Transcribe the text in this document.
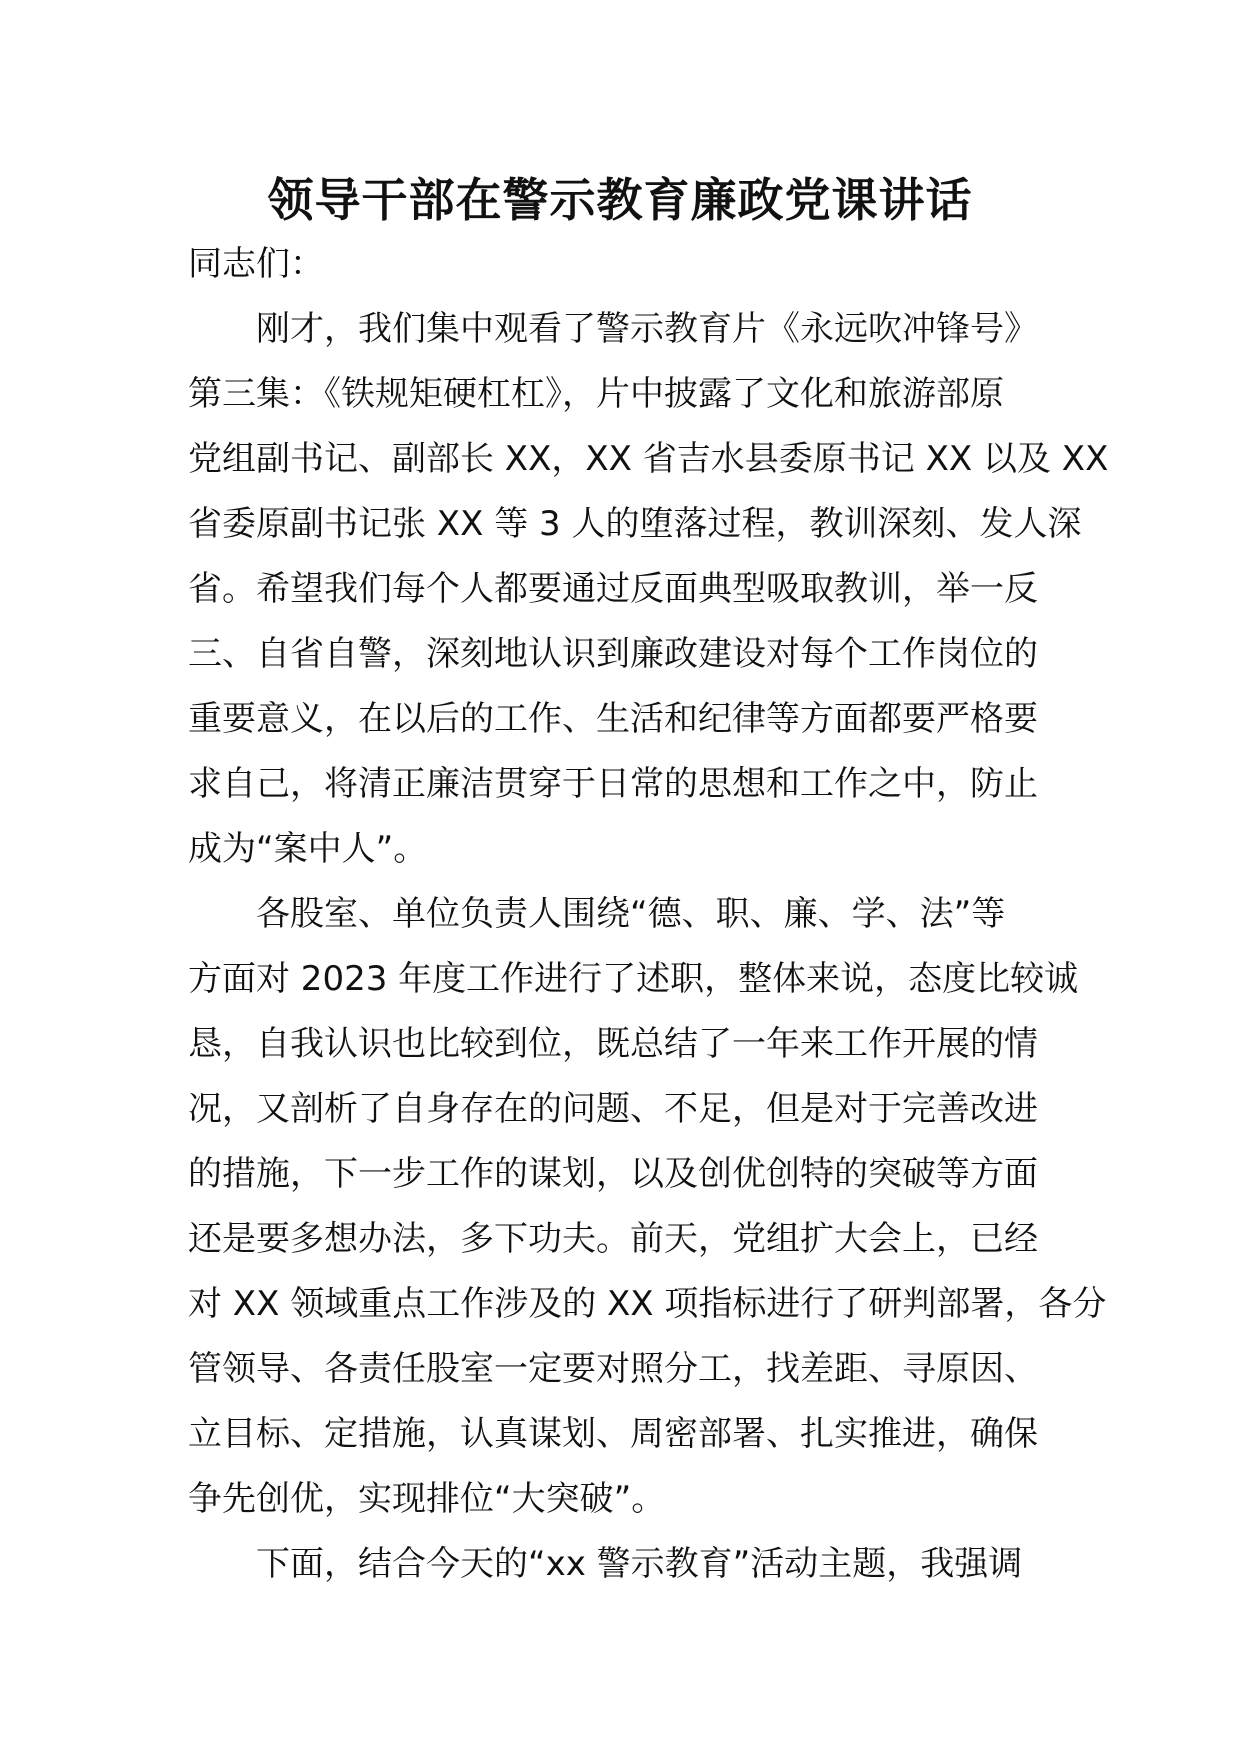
领导干部在警示教育廉政党课讲话
同志们：
刚才，我们集中观看了警示教育片《永远吹冲锋号》
第三集：《铁规矩硬杠杠》，片中披露了文化和旅游部原
党组副书记、副部长 XX，XX 省吉水县委原书记 XX 以及 XX
省委原副书记张 XX 等 3 人的堕落过程，教训深刻、发人深
省。希望我们每个人都要通过反面典型吸取教训，举一反
三、自省自警，深刻地认识到廉政建设对每个工作岗位的
重要意义，在以后的工作、生活和纪律等方面都要严格要
求自己，将清正廉洁贯穿于日常的思想和工作之中，防止
成为“案中人”。
各股室、单位负责人围绕“德、职、廉、学、法”等
方面对 2023 年度工作进行了述职，整体来说，态度比较诚
恳，自我认识也比较到位，既总结了一年来工作开展的情
况，又剖析了自身存在的问题、不足，但是对于完善改进
的措施，下一步工作的谋划，以及创优创特的突破等方面
还是要多想办法，多下功夫。前天，党组扩大会上，已经
对 XX 领域重点工作涉及的 XX 项指标进行了研判部署，各分
管领导、各责任股室一定要对照分工，找差距、寻原因、
立目标、定措施，认真谋划、周密部署、扎实推进，确保
争先创优，实现排位“大突破”。
下面，结合今天的“xx 警示教育”活动主题，我强调
